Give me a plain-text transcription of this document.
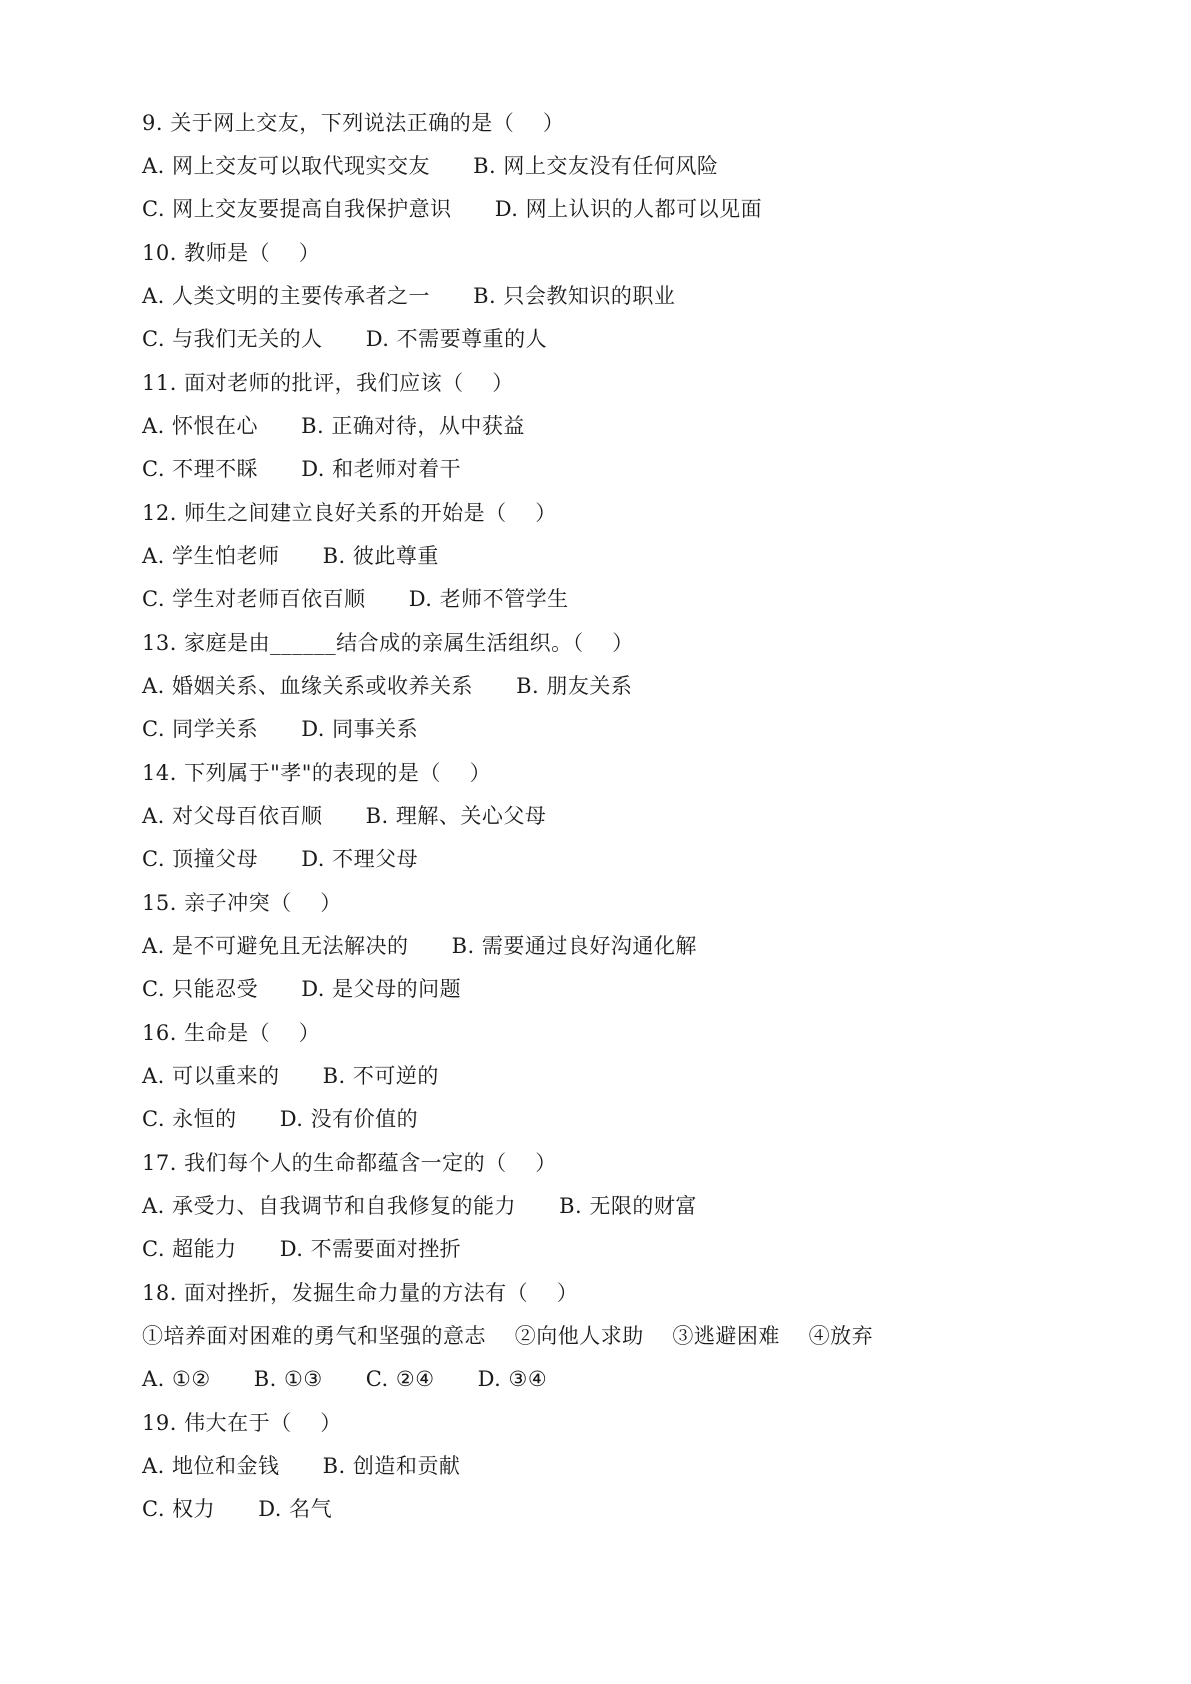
9. 关于网上交友，下列说法正确的是（    ）
A. 网上交友可以取代现实交友      B. 网上交友没有任何风险
C. 网上交友要提高自我保护意识      D. 网上认识的人都可以见面
10. 教师是（    ）
A. 人类文明的主要传承者之一      B. 只会教知识的职业
C. 与我们无关的人      D. 不需要尊重的人
11. 面对老师的批评，我们应该（    ）
A. 怀恨在心      B. 正确对待，从中获益
C. 不理不睬      D. 和老师对着干
12. 师生之间建立良好关系的开始是（    ）
A. 学生怕老师      B. 彼此尊重
C. 学生对老师百依百顺      D. 老师不管学生
13. 家庭是由______结合成的亲属生活组织。（    ）
A. 婚姻关系、血缘关系或收养关系      B. 朋友关系
C. 同学关系      D. 同事关系
14. 下列属于"孝"的表现的是（    ）
A. 对父母百依百顺      B. 理解、关心父母
C. 顶撞父母      D. 不理父母
15. 亲子冲突（    ）
A. 是不可避免且无法解决的      B. 需要通过良好沟通化解
C. 只能忍受      D. 是父母的问题
16. 生命是（    ）
A. 可以重来的      B. 不可逆的
C. 永恒的      D. 没有价值的
17. 我们每个人的生命都蕴含一定的（    ）
A. 承受力、自我调节和自我修复的能力      B. 无限的财富
C. 超能力      D. 不需要面对挫折
18. 面对挫折，发掘生命力量的方法有（    ）
①培养面对困难的勇气和坚强的意志    ②向他人求助    ③逃避困难    ④放弃
A. ①②      B. ①③      C. ②④      D. ③④
19. 伟大在于（    ）
A. 地位和金钱      B. 创造和贡献
C. 权力      D. 名气
